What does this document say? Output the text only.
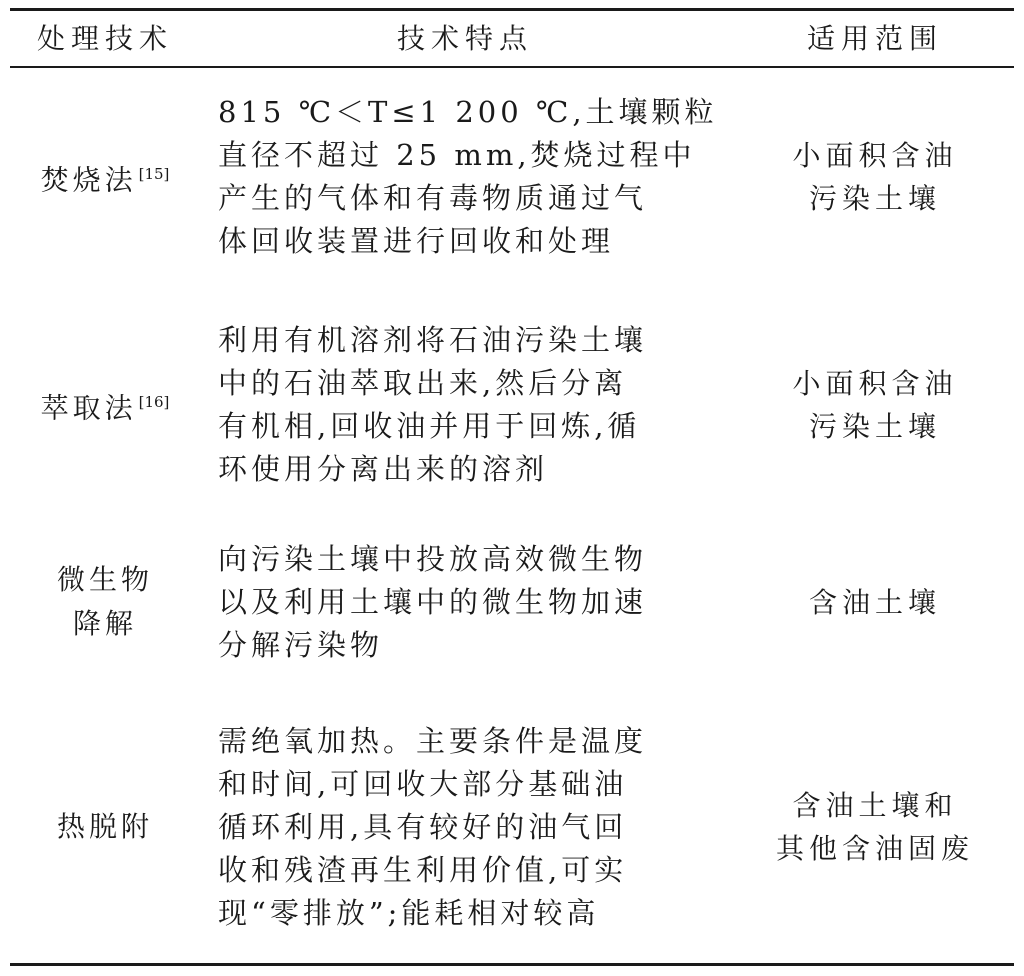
处理技术	技术特点	适用范围
焚烧法 [15]
815 ℃＜T≤1 200 ℃,土壤颗粒
直径不超过 25 mm,焚烧过程中
产生的气体和有毒物质通过气
体回收装置进行回收和处理
小面积含油
污染土壤
萃取法 [16]
利用有机溶剂将石油污染土壤
中的石油萃取出来,然后分离
有机相,回收油并用于回炼,循
环使用分离出来的溶剂
小面积含油
污染土壤
微生物
降解
向污染土壤中投放高效微生物
以及利用土壤中的微生物加速
分解污染物
含油土壤
热脱附
需绝氧加热。主要条件是温度
和时间,可回收大部分基础油
循环利用,具有较好的油气回
收和残渣再生利用价值,可实
现“零排放”;能耗相对较高
含油土壤和
其他含油固废
